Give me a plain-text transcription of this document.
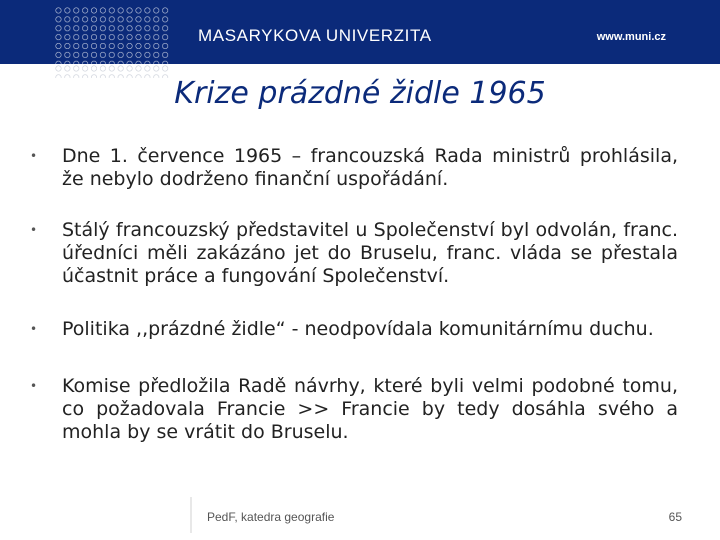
MASARYKOVA UNIVERZITA	www.muni.cz
Krize prázdné židle 1965
• Dne 1. července 1965 – francouzská Rada ministrů prohlásila, že nebylo dodrženo finanční uspořádání.
• Stálý francouzský představitel u Společenství byl odvolán, franc. úředníci měli zakázáno jet do Bruselu, franc. vláda se přestala účastnit práce a fungování Společenství.
• Politika ,,prázdné židle“ - neodpovídala komunitárnímu duchu.
• Komise předložila Radě návrhy, které byli velmi podobné tomu, co požadovala Francie >> Francie by tedy dosáhla svého a mohla by se vrátit do Bruselu.
PedF, katedra geografie	65
